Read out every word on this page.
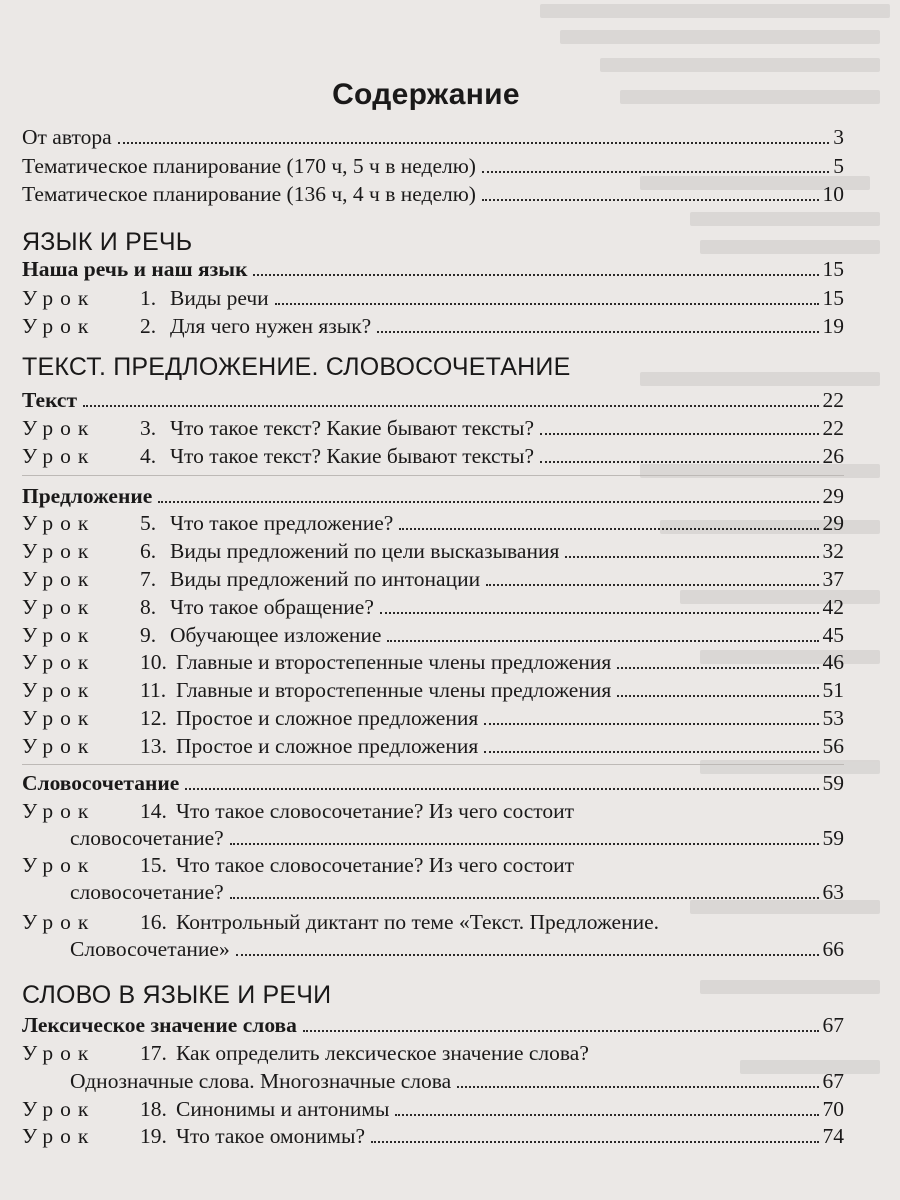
Содержание
От автора	3
Тематическое планирование (170 ч, 5 ч в неделю)	5
Тематическое планирование (136 ч, 4 ч в неделю)	10
ЯЗЫК И РЕЧЬ
Наша речь и наш язык	15
Урок	1. Виды речи	15
Урок	2. Для чего нужен язык?	19
ТЕКСТ. ПРЕДЛОЖЕНИЕ. СЛОВОСОЧЕТАНИЕ
Текст	22
Урок	3. Что такое текст? Какие бывают тексты?	22
Урок	4. Что такое текст? Какие бывают тексты?	26
Предложение	29
Урок	5. Что такое предложение?	29
Урок	6. Виды предложений по цели высказывания	32
Урок	7. Виды предложений по интонации	37
Урок	8. Что такое обращение?	42
Урок	9. Обучающее изложение	45
Урок	10. Главные и второстепенные члены предложения	46
Урок	11. Главные и второстепенные члены предложения	51
Урок	12. Простое и сложное предложения	53
Урок	13. Простое и сложное предложения	56
Словосочетание	59
Урок	14. Что такое словосочетание? Из чего состоит
словосочетание?	59
Урок	15. Что такое словосочетание? Из чего состоит
словосочетание?	63
Урок	16. Контрольный диктант по теме «Текст. Предложение.
Словосочетание»	66
СЛОВО В ЯЗЫКЕ И РЕЧИ
Лексическое значение слова	67
Урок	17. Как определить лексическое значение слова?
Однозначные слова. Многозначные слова	67
Урок	18. Синонимы и антонимы	70
Урок	19. Что такое омонимы?	74
